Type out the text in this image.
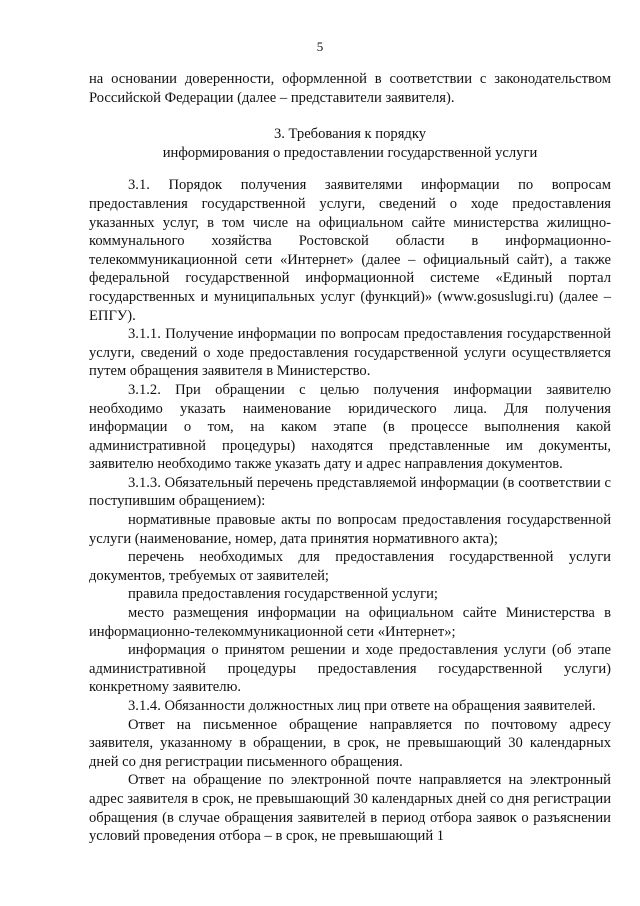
5

на основании доверенности, оформленной в соответствии с законодательством Российской Федерации (далее – представители заявителя).

3. Требования к порядку
информирования о предоставлении государственной услуги

3.1. Порядок получения заявителями информации по вопросам предоставления государственной услуги, сведений о ходе предоставления указанных услуг, в том числе на официальном сайте министерства жилищно-коммунального хозяйства Ростовской области в информационно-телекоммуникационной сети «Интернет» (далее – официальный сайт), а также федеральной государственной информационной системе «Единый портал государственных и муниципальных услуг (функций)» (www.gosuslugi.ru) (далее – ЕПГУ).

3.1.1. Получение информации по вопросам предоставления государственной услуги, сведений о ходе предоставления государственной услуги осуществляется путем обращения заявителя в Министерство.

3.1.2. При обращении с целью получения информации заявителю необходимо указать наименование юридического лица. Для получения информации о том, на каком этапе (в процессе выполнения какой административной процедуры) находятся представленные им документы, заявителю необходимо также указать дату и адрес направления документов.

3.1.3. Обязательный перечень представляемой информации (в соответствии с поступившим обращением):

нормативные правовые акты по вопросам предоставления государственной услуги (наименование, номер, дата принятия нормативного акта);

перечень необходимых для предоставления государственной услуги документов, требуемых от заявителей;

правила предоставления государственной услуги;

место размещения информации на официальном сайте Министерства в информационно-телекоммуникационной сети «Интернет»;

информация о принятом решении и ходе предоставления услуги (об этапе административной процедуры предоставления государственной услуги) конкретному заявителю.

3.1.4. Обязанности должностных лиц при ответе на обращения заявителей.

Ответ на письменное обращение направляется по почтовому адресу заявителя, указанному в обращении, в срок, не превышающий 30 календарных дней со дня регистрации письменного обращения.

Ответ на обращение по электронной почте направляется на электронный адрес заявителя в срок, не превышающий 30 календарных дней со дня регистрации обращения (в случае обращения заявителей в период отбора заявок о разъяснении условий проведения отбора – в срок, не превышающий 1
